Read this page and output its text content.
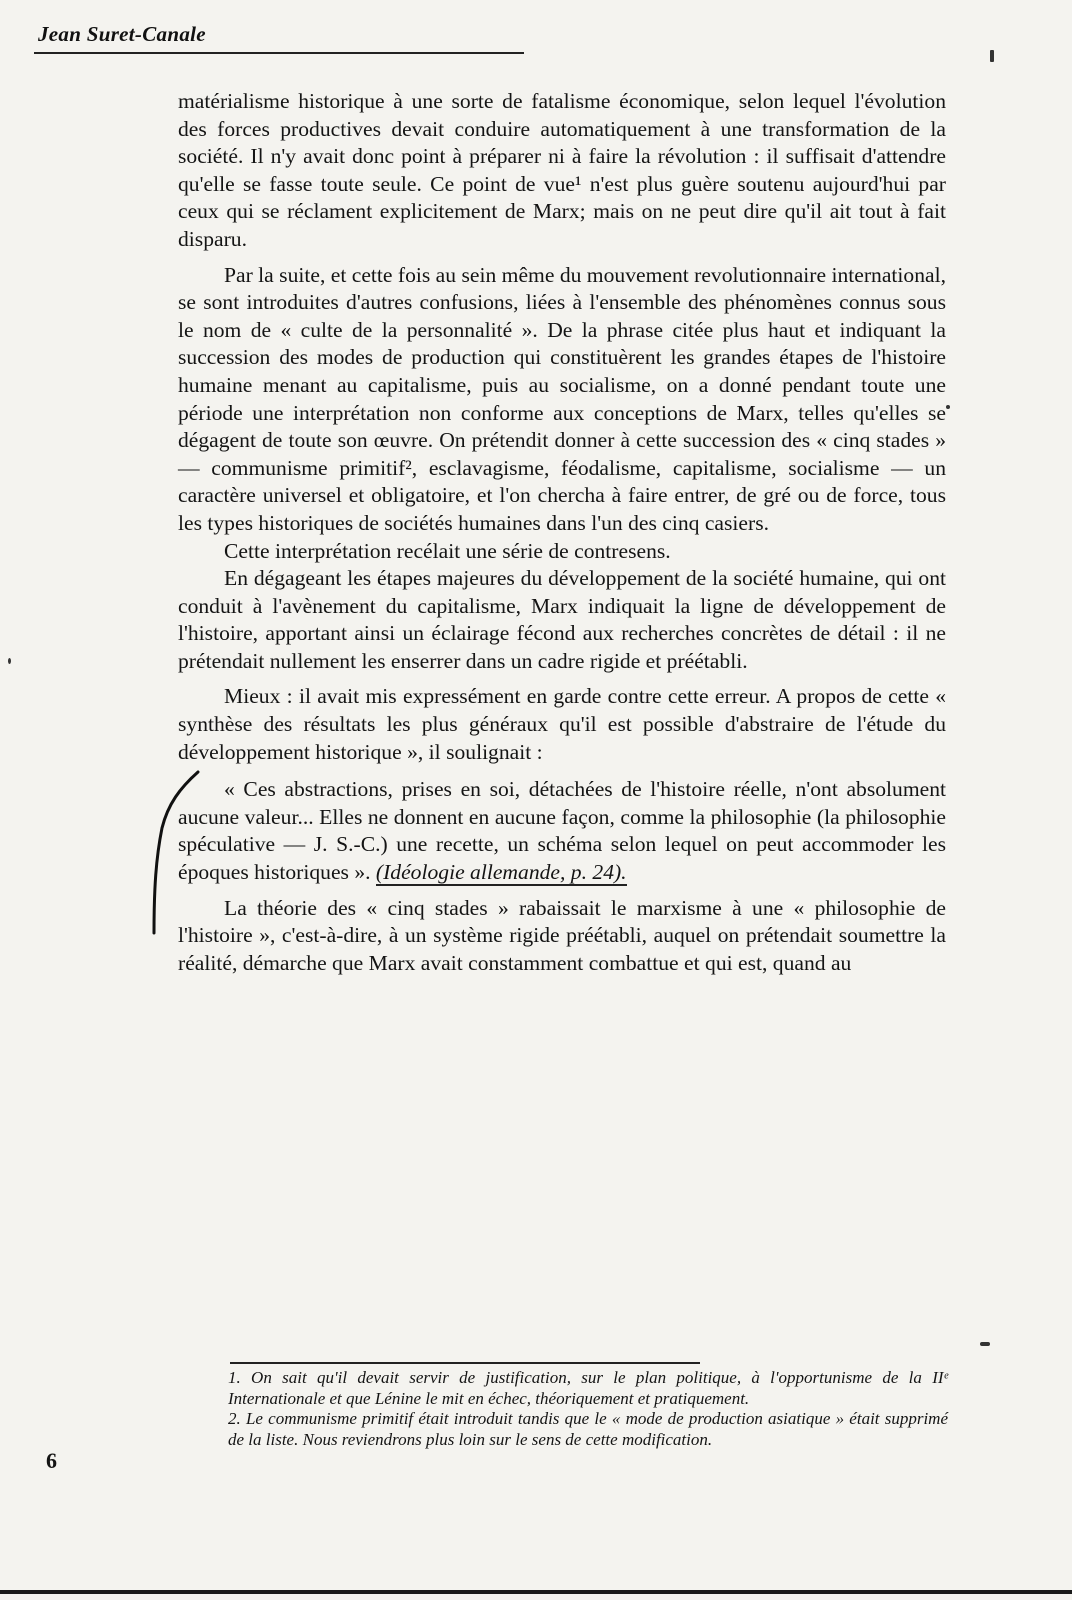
Jean Suret-Canale

matérialisme historique à une sorte de fatalisme économique, selon lequel l'évolution des forces productives devait conduire automatiquement à une transformation de la société. Il n'y avait donc point à préparer ni à faire la révolution : il suffisait d'attendre qu'elle se fasse toute seule. Ce point de vue¹ n'est plus guère soutenu aujourd'hui par ceux qui se réclament explicitement de Marx; mais on ne peut dire qu'il ait tout à fait disparu.

Par la suite, et cette fois au sein même du mouvement revolutionnaire international, se sont introduites d'autres confusions, liées à l'ensemble des phénomènes connus sous le nom de « culte de la personnalité ». De la phrase citée plus haut et indiquant la succession des modes de production qui constituèrent les grandes étapes de l'histoire humaine menant au capitalisme, puis au socialisme, on a donné pendant toute une période une interprétation non conforme aux conceptions de Marx, telles qu'elles se dégagent de toute son œuvre. On prétendit donner à cette succession des « cinq stades » — communisme primitif², esclavagisme, féodalisme, capitalisme, socialisme — un caractère universel et obligatoire, et l'on chercha à faire entrer, de gré ou de force, tous les types historiques de sociétés humaines dans l'un des cinq casiers.

Cette interprétation recélait une série de contresens.

En dégageant les étapes majeures du développement de la société humaine, qui ont conduit à l'avènement du capitalisme, Marx indiquait la ligne de développement de l'histoire, apportant ainsi un éclairage fécond aux recherches concrètes de détail : il ne prétendait nullement les enserrer dans un cadre rigide et préétabli.

Mieux : il avait mis expressément en garde contre cette erreur. A propos de cette « synthèse des résultats les plus généraux qu'il est possible d'abstraire de l'étude du développement historique », il soulignait :

« Ces abstractions, prises en soi, détachées de l'histoire réelle, n'ont absolument aucune valeur... Elles ne donnent en aucune façon, comme la philosophie (la philosophie spéculative — J. S.-C.) une recette, un schéma selon lequel on peut accommoder les époques historiques ». (Idéologie allemande, p. 24).

La théorie des « cinq stades » rabaissait le marxisme à une « philosophie de l'histoire », c'est-à-dire, à un système rigide préétabli, auquel on prétendait soumettre la réalité, démarche que Marx avait constamment combattue et qui est, quand au

1. On sait qu'il devait servir de justification, sur le plan politique, à l'opportunisme de la IIᵉ Internationale et que Lénine le mit en échec, théoriquement et pratiquement.

2. Le communisme primitif était introduit tandis que le « mode de production asiatique » était supprimé de la liste. Nous reviendrons plus loin sur le sens de cette modification.

6
